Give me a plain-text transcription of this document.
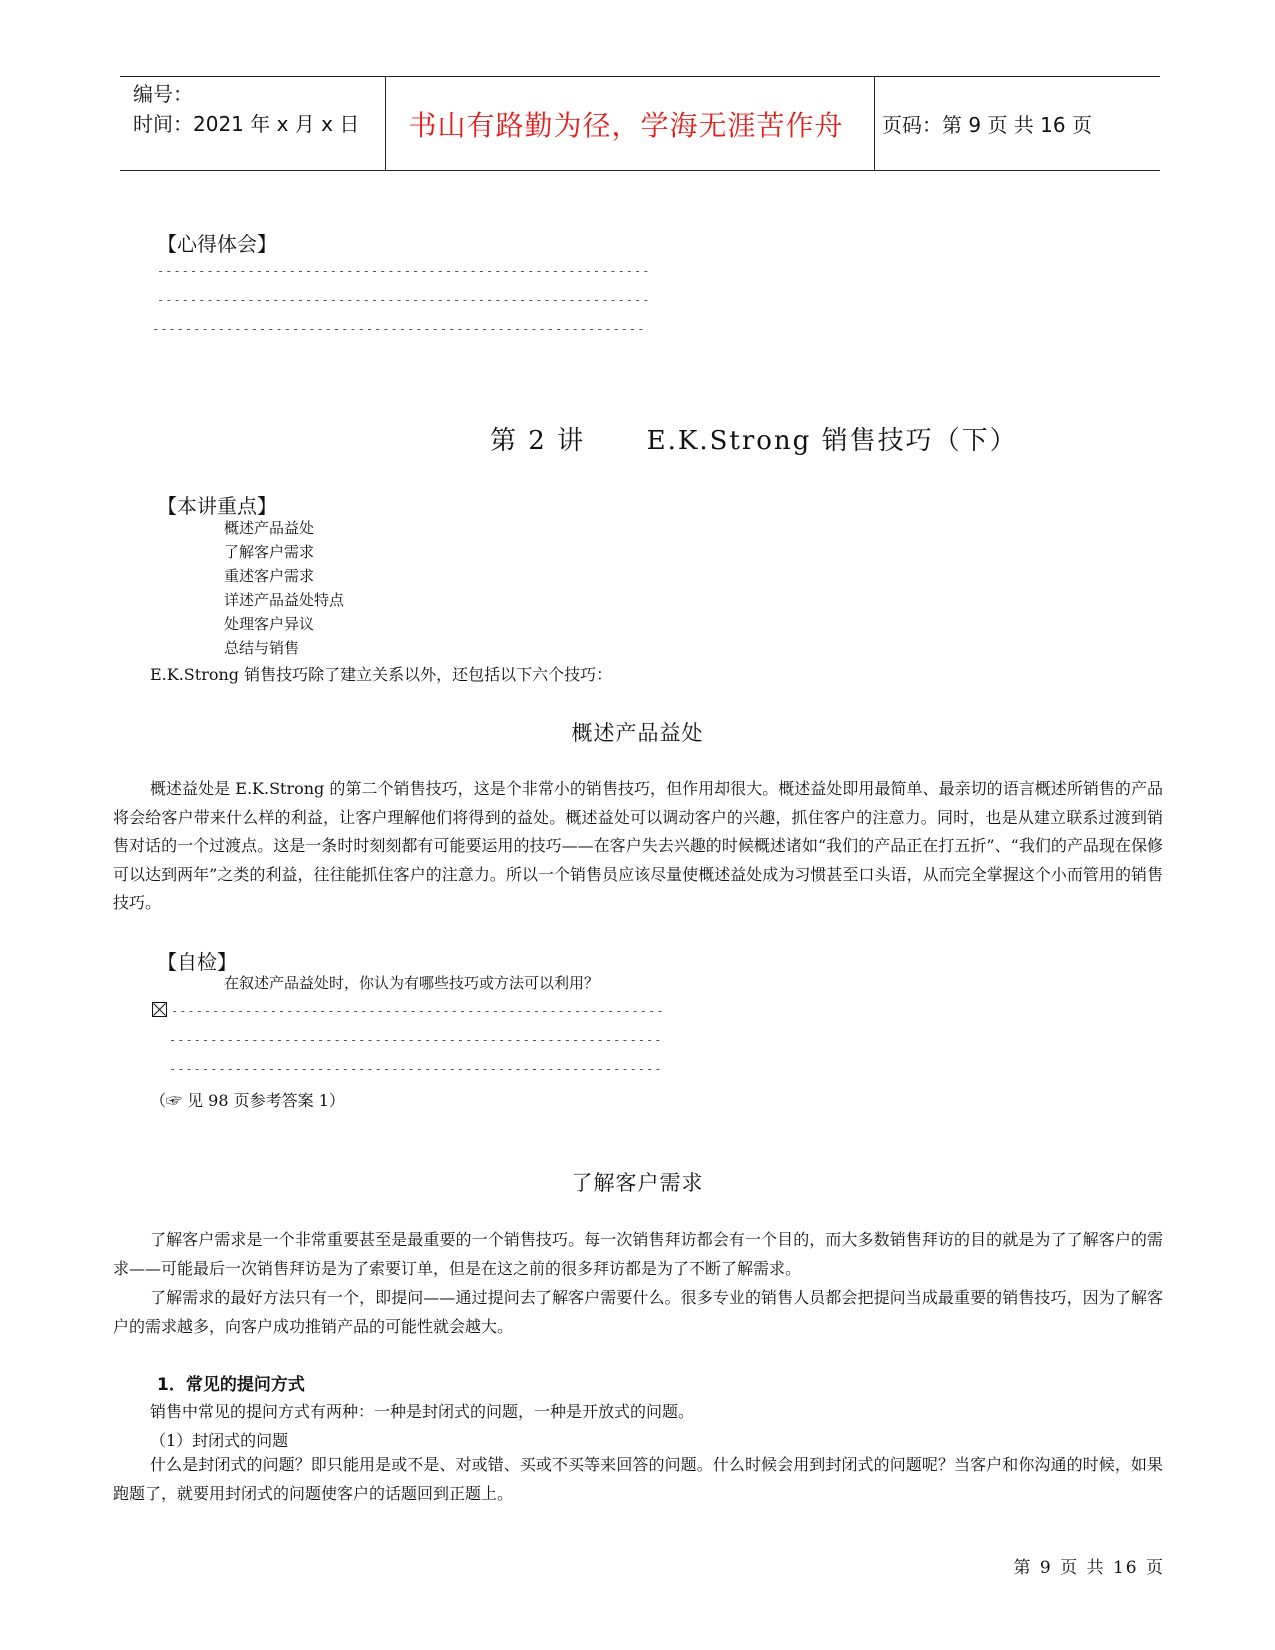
编号：
时间：2021 年 x 月 x 日	书山有路勤为径，学海无涯苦作舟	页码：第 9 页 共 16 页
【心得体会】
------------------------------------------------------------
------------------------------------------------------------
------------------------------------------------------------
第 2 讲      E.K.Strong 销售技巧（下）
【本讲重点】
概述产品益处
了解客户需求
重述客户需求
详述产品益处特点
处理客户异议
总结与销售
E.K.Strong 销售技巧除了建立关系以外，还包括以下六个技巧：
概述产品益处
概述益处是 E.K.Strong 的第二个销售技巧，这是个非常小的销售技巧，但作用却很大。概述益处即用最简单、最亲切的语言概述所销售的产品将会给客户带来什么样的利益，让客户理解他们将得到的益处。概述益处可以调动客户的兴趣，抓住客户的注意力。同时，也是从建立联系过渡到销售对话的一个过渡点。这是一条时时刻刻都有可能要运用的技巧——在客户失去兴趣的时候概述诸如“我们的产品正在打五折”、“我们的产品现在保修可以达到两年”之类的利益，往往能抓住客户的注意力。所以一个销售员应该尽量使概述益处成为习惯甚至口头语，从而完全掌握这个小而管用的销售技巧。
【自检】
在叙述产品益处时，你认为有哪些技巧或方法可以利用？
------------------------------------------------------------
------------------------------------------------------------
------------------------------------------------------------
（☞ 见 98 页参考答案 1）
了解客户需求
了解客户需求是一个非常重要甚至是最重要的一个销售技巧。每一次销售拜访都会有一个目的，而大多数销售拜访的目的就是为了了解客户的需求——可能最后一次销售拜访是为了索要订单，但是在这之前的很多拜访都是为了不断了解需求。
了解需求的最好方法只有一个，即提问——通过提问去了解客户需要什么。很多专业的销售人员都会把提问当成最重要的销售技巧，因为了解客户的需求越多，向客户成功推销产品的可能性就会越大。
1．常见的提问方式
销售中常见的提问方式有两种：一种是封闭式的问题，一种是开放式的问题。
（1）封闭式的问题
什么是封闭式的问题？即只能用是或不是、对或错、买或不买等来回答的问题。什么时候会用到封闭式的问题呢？当客户和你沟通的时候，如果跑题了，就要用封闭式的问题使客户的话题回到正题上。
第 9 页 共 16 页
